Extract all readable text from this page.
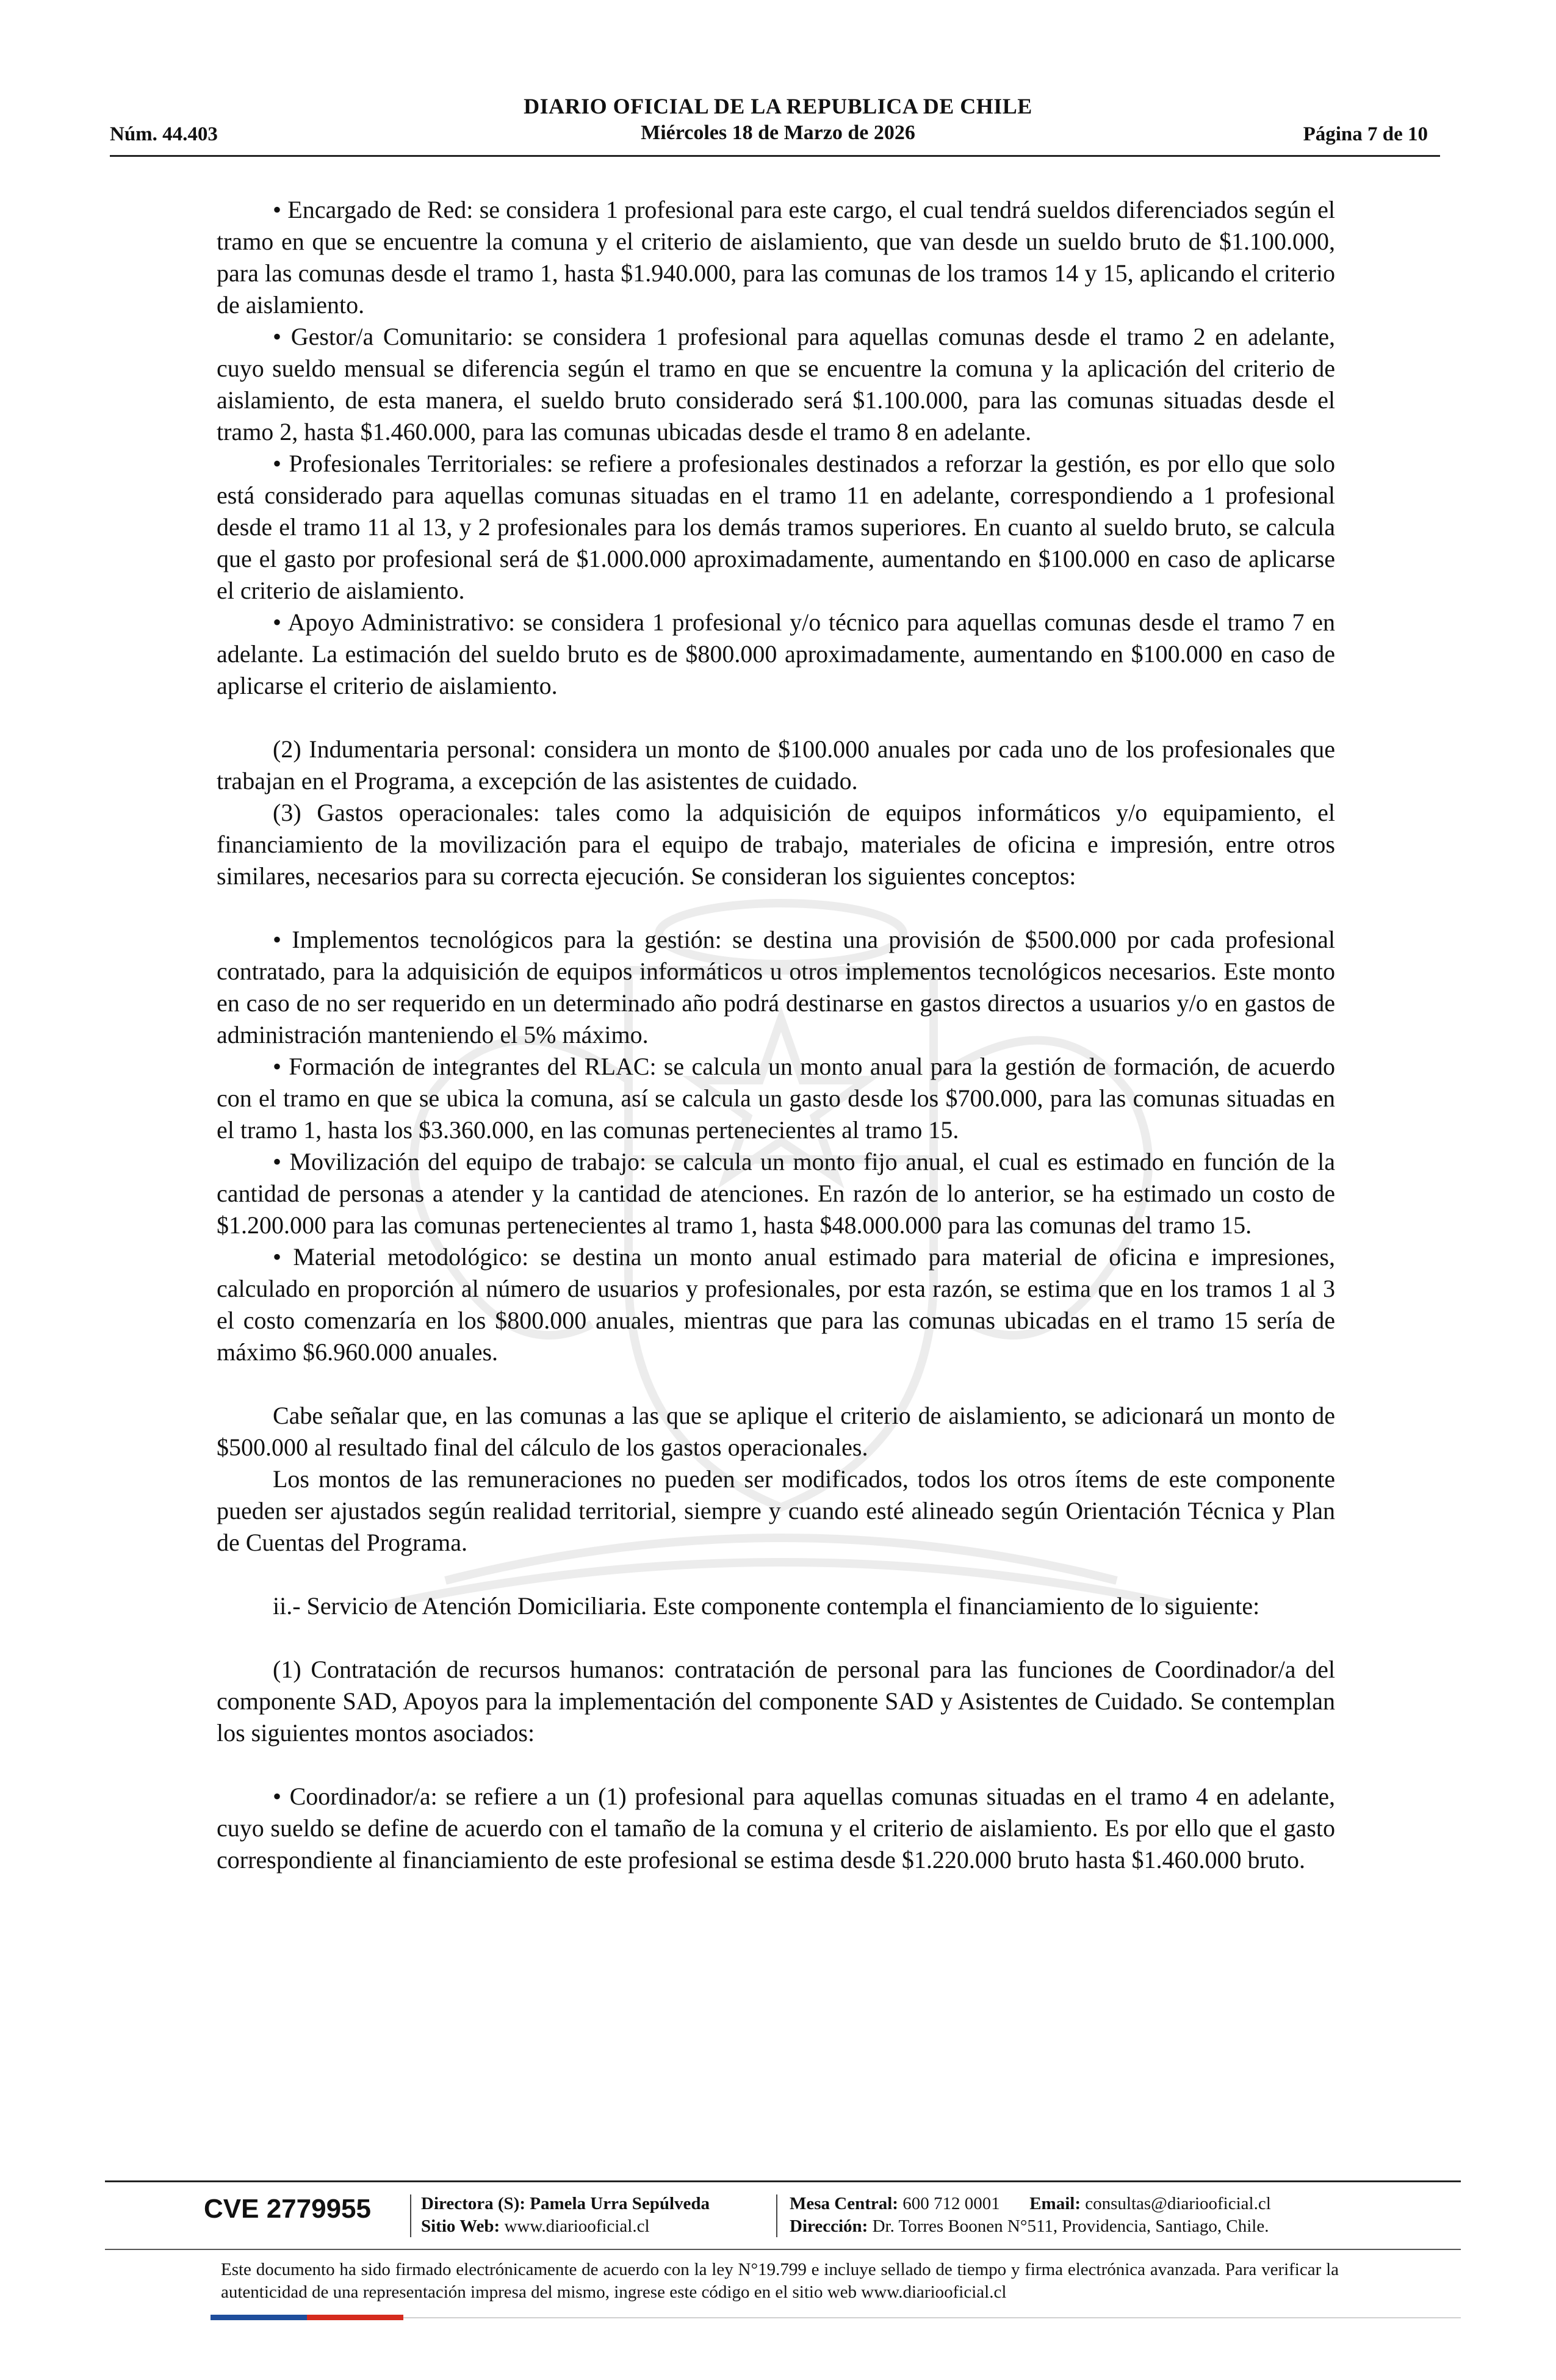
DIARIO OFICIAL DE LA REPUBLICA DE CHILE
Núm. 44.403	Miércoles 18 de Marzo de 2026	Página 7 de 10

• Encargado de Red: se considera 1 profesional para este cargo, el cual tendrá sueldos diferenciados según el tramo en que se encuentre la comuna y el criterio de aislamiento, que van desde un sueldo bruto de $1.100.000, para las comunas desde el tramo 1, hasta $1.940.000, para las comunas de los tramos 14 y 15, aplicando el criterio de aislamiento.

• Gestor/a Comunitario: se considera 1 profesional para aquellas comunas desde el tramo 2 en adelante, cuyo sueldo mensual se diferencia según el tramo en que se encuentre la comuna y la aplicación del criterio de aislamiento, de esta manera, el sueldo bruto considerado será $1.100.000, para las comunas situadas desde el tramo 2, hasta $1.460.000, para las comunas ubicadas desde el tramo 8 en adelante.

• Profesionales Territoriales: se refiere a profesionales destinados a reforzar la gestión, es por ello que solo está considerado para aquellas comunas situadas en el tramo 11 en adelante, correspondiendo a 1 profesional desde el tramo 11 al 13, y 2 profesionales para los demás tramos superiores. En cuanto al sueldo bruto, se calcula que el gasto por profesional será de $1.000.000 aproximadamente, aumentando en $100.000 en caso de aplicarse el criterio de aislamiento.

• Apoyo Administrativo: se considera 1 profesional y/o técnico para aquellas comunas desde el tramo 7 en adelante. La estimación del sueldo bruto es de $800.000 aproximadamente, aumentando en $100.000 en caso de aplicarse el criterio de aislamiento.

(2) Indumentaria personal: considera un monto de $100.000 anuales por cada uno de los profesionales que trabajan en el Programa, a excepción de las asistentes de cuidado.

(3) Gastos operacionales: tales como la adquisición de equipos informáticos y/o equipamiento, el financiamiento de la movilización para el equipo de trabajo, materiales de oficina e impresión, entre otros similares, necesarios para su correcta ejecución. Se consideran los siguientes conceptos:

• Implementos tecnológicos para la gestión: se destina una provisión de $500.000 por cada profesional contratado, para la adquisición de equipos informáticos u otros implementos tecnológicos necesarios. Este monto en caso de no ser requerido en un determinado año podrá destinarse en gastos directos a usuarios y/o en gastos de administración manteniendo el 5% máximo.

• Formación de integrantes del RLAC: se calcula un monto anual para la gestión de formación, de acuerdo con el tramo en que se ubica la comuna, así se calcula un gasto desde los $700.000, para las comunas situadas en el tramo 1, hasta los $3.360.000, en las comunas pertenecientes al tramo 15.

• Movilización del equipo de trabajo: se calcula un monto fijo anual, el cual es estimado en función de la cantidad de personas a atender y la cantidad de atenciones. En razón de lo anterior, se ha estimado un costo de $1.200.000 para las comunas pertenecientes al tramo 1, hasta $48.000.000 para las comunas del tramo 15.

• Material metodológico: se destina un monto anual estimado para material de oficina e impresiones, calculado en proporción al número de usuarios y profesionales, por esta razón, se estima que en los tramos 1 al 3 el costo comenzaría en los $800.000 anuales, mientras que para las comunas ubicadas en el tramo 15 sería de máximo $6.960.000 anuales.

Cabe señalar que, en las comunas a las que se aplique el criterio de aislamiento, se adicionará un monto de $500.000 al resultado final del cálculo de los gastos operacionales.

Los montos de las remuneraciones no pueden ser modificados, todos los otros ítems de este componente pueden ser ajustados según realidad territorial, siempre y cuando esté alineado según Orientación Técnica y Plan de Cuentas del Programa.

ii.- Servicio de Atención Domiciliaria. Este componente contempla el financiamiento de lo siguiente:

(1) Contratación de recursos humanos: contratación de personal para las funciones de Coordinador/a del componente SAD, Apoyos para la implementación del componente SAD y Asistentes de Cuidado. Se contemplan los siguientes montos asociados:

• Coordinador/a: se refiere a un (1) profesional para aquellas comunas situadas en el tramo 4 en adelante, cuyo sueldo se define de acuerdo con el tamaño de la comuna y el criterio de aislamiento. Es por ello que el gasto correspondiente al financiamiento de este profesional se estima desde $1.220.000 bruto hasta $1.460.000 bruto.

CVE 2779955	Directora (S): Pamela Urra Sepúlveda
Sitio Web: www.diariooficial.cl
Mesa Central: 600 712 0001 Email: consultas@diariooficial.cl
Dirección: Dr. Torres Boonen N°511, Providencia, Santiago, Chile.
Este documento ha sido firmado electrónicamente de acuerdo con la ley N°19.799 e incluye sellado de tiempo y firma electrónica avanzada. Para verificar la autenticidad de una representación impresa del mismo, ingrese este código en el sitio web www.diariooficial.cl
